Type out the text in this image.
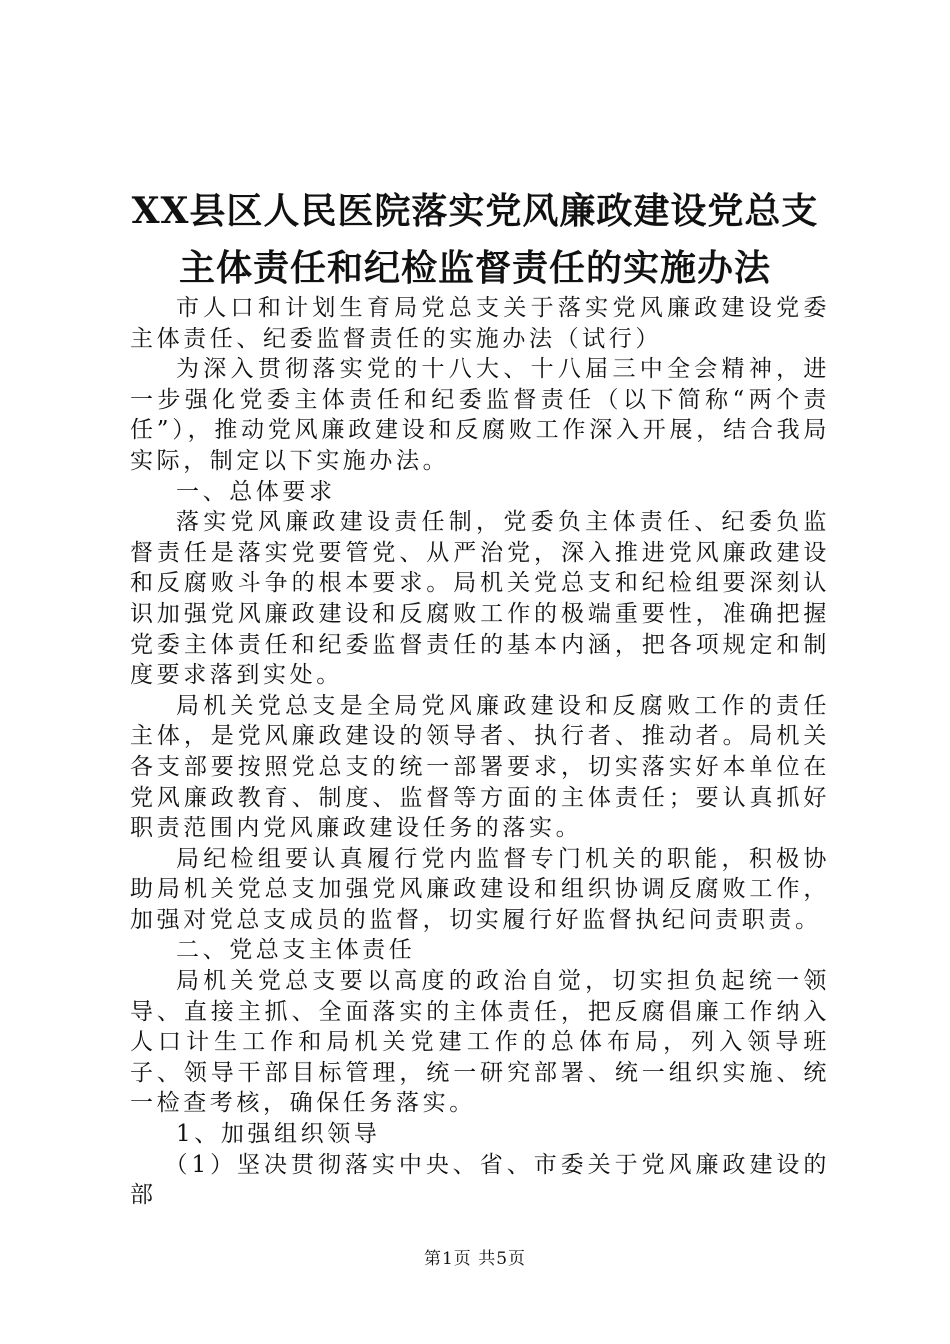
XX县区人民医院落实党风廉政建设党总支主体责任和纪检监督责任的实施办法

市人口和计划生育局党总支关于落实党风廉政建设党委主体责任、纪委监督责任的实施办法（试行）

为深入贯彻落实党的十八大、十八届三中全会精神，进一步强化党委主体责任和纪委监督责任（以下简称“两个责任”），推动党风廉政建设和反腐败工作深入开展，结合我局实际，制定以下实施办法。

一、总体要求

落实党风廉政建设责任制，党委负主体责任、纪委负监督责任是落实党要管党、从严治党，深入推进党风廉政建设和反腐败斗争的根本要求。局机关党总支和纪检组要深刻认识加强党风廉政建设和反腐败工作的极端重要性，准确把握党委主体责任和纪委监督责任的基本内涵，把各项规定和制度要求落到实处。

局机关党总支是全局党风廉政建设和反腐败工作的责任主体，是党风廉政建设的领导者、执行者、推动者。局机关各支部要按照党总支的统一部署要求，切实落实好本单位在党风廉政教育、制度、监督等方面的主体责任；要认真抓好职责范围内党风廉政建设任务的落实。

局纪检组要认真履行党内监督专门机关的职能，积极协助局机关党总支加强党风廉政建设和组织协调反腐败工作，加强对党总支成员的监督，切实履行好监督执纪问责职责。

二、党总支主体责任

局机关党总支要以高度的政治自觉，切实担负起统一领导、直接主抓、全面落实的主体责任，把反腐倡廉工作纳入人口计生工作和局机关党建工作的总体布局，列入领导班子、领导干部目标管理，统一研究部署、统一组织实施、统一检查考核，确保任务落实。

1、加强组织领导

（1）坚决贯彻落实中央、省、市委关于党风廉政建设的部

第1页 共5页
